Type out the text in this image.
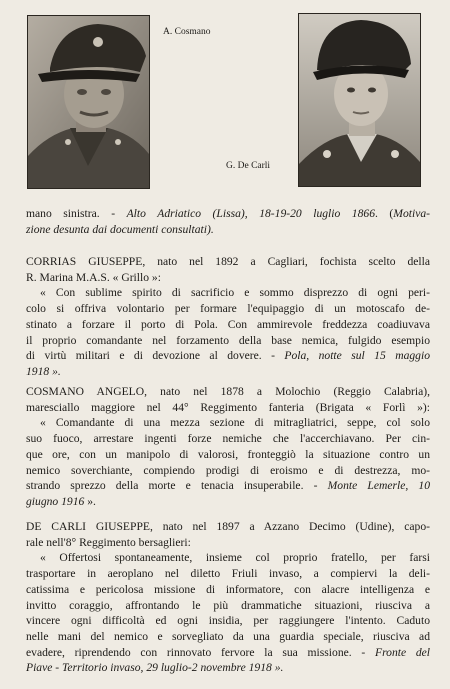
A. Cosmano
G. De Carli
mano sinistra. - Alto Adriatico (Lissa), 18-19-20 luglio 1866. (Motiva-
zione desunta dai documenti consultati).
CORRIAS GIUSEPPE, nato nel 1892 a Cagliari, fochista scelto della
R. Marina M.A.S. « Grillo »:
« Con sublime spirito di sacrificio e sommo disprezzo di ogni peri-
colo si offriva volontario per formare l'equipaggio di un motoscafo de-
stinato a forzare il porto di Pola. Con ammirevole freddezza coadiuvava
il proprio comandante nel forzamento della base nemica, fulgido esempio
di virtù militari e di devozione al dovere. - Pola, notte sul 15 maggio
1918 ».
COSMANO ANGELO, nato nel 1878 a Molochio (Reggio Calabria),
maresciallo maggiore nel 44° Reggimento fanteria (Brigata « Forlì »):
« Comandante di una mezza sezione di mitragliatrici, seppe, col solo
suo fuoco, arrestare ingenti forze nemiche che l'accerchiavano. Per cin-
que ore, con un manipolo di valorosi, fronteggiò la situazione contro un
nemico soverchiante, compiendo prodigi di eroismo e di destrezza, mo-
strando sprezzo della morte e tenacia insuperabile. - Monte Lemerle, 10
giugno 1916 ».
DE CARLI GIUSEPPE, nato nel 1897 a Azzano Decimo (Udine), capo-
rale nell'8° Reggimento bersaglieri:
« Offertosi spontaneamente, insieme col proprio fratello, per farsi
trasportare in aeroplano nel diletto Friuli invaso, a compiervi la deli-
catissima e pericolosa missione di informatore, con alacre intelligenza e
invitto coraggio, affrontando le più drammatiche situazioni, riusciva a
vincere ogni difficoltà ed ogni insidia, per raggiungere l'intento. Caduto
nelle mani del nemico e sorvegliato da una guardia speciale, riusciva ad
evadere, riprendendo con rinnovato fervore la sua missione. - Fronte del
Piave - Territorio invaso, 29 luglio-2 novembre 1918 ».
